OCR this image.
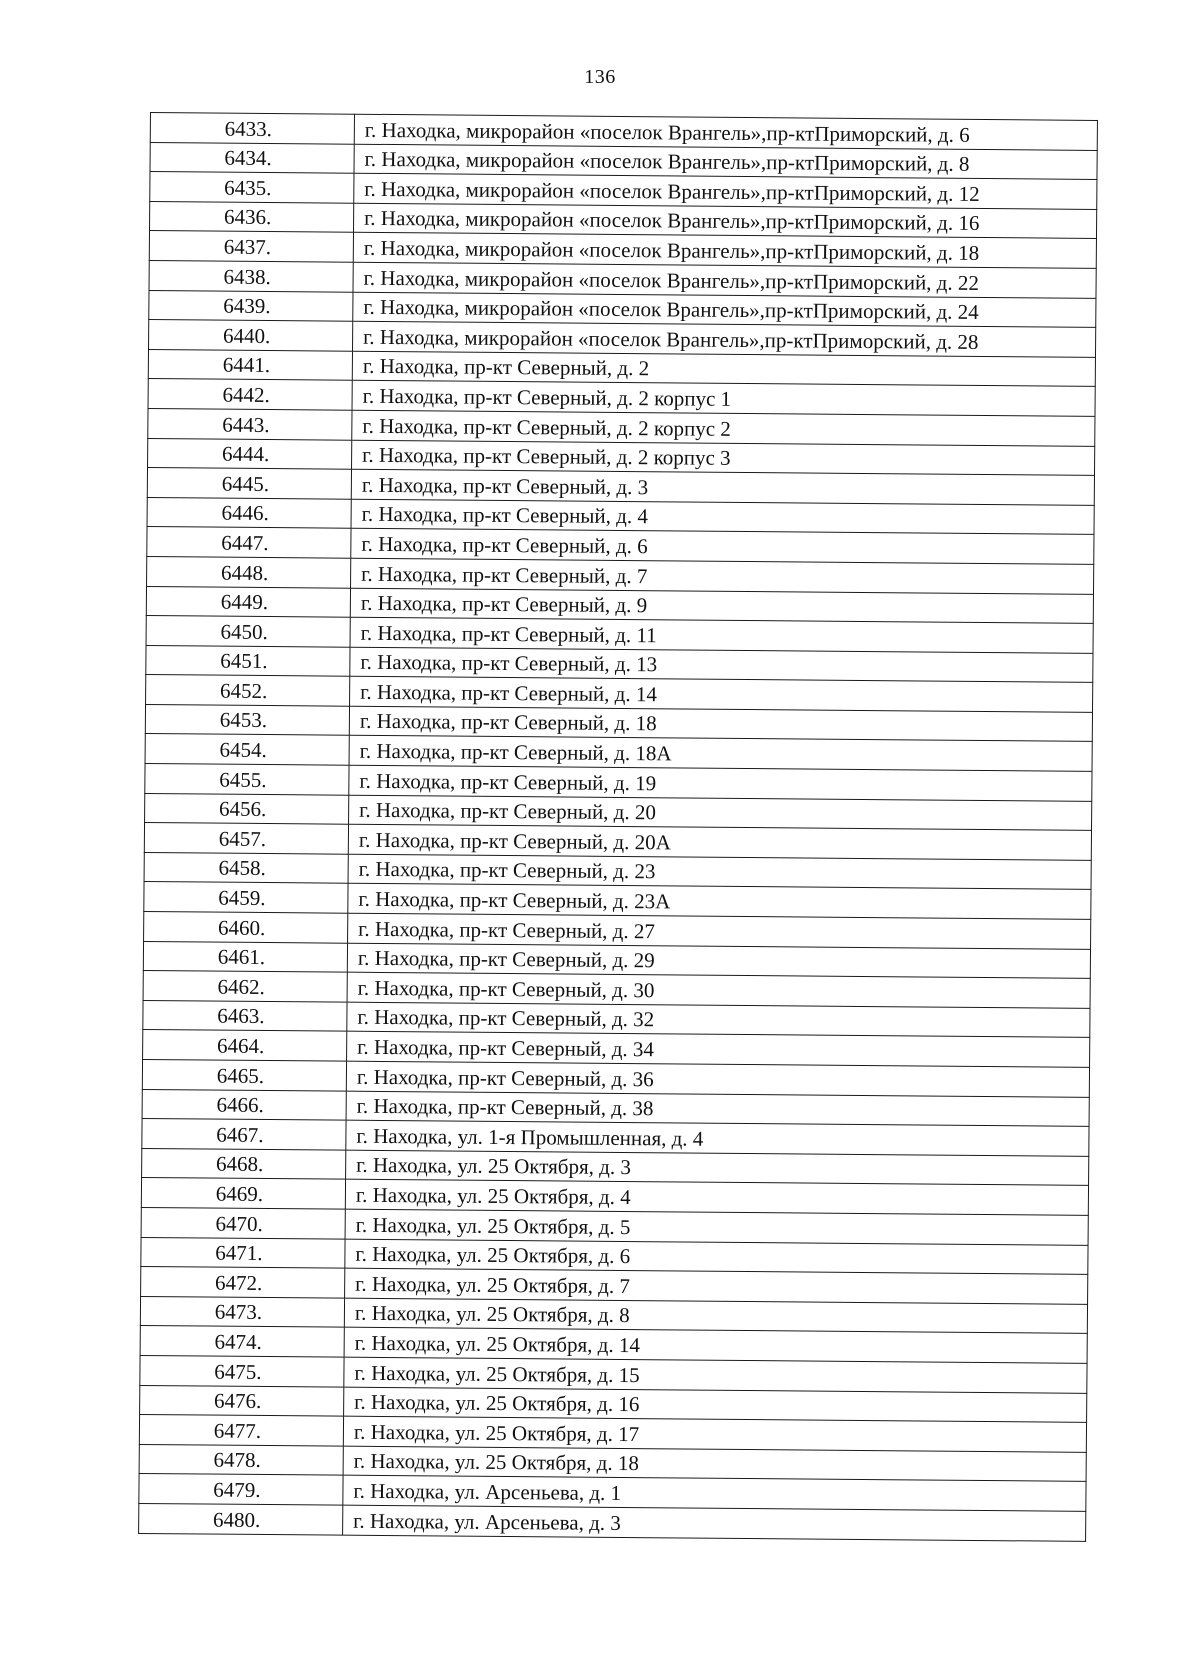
136
6433.	г. Находка, микрорайон «поселок Врангель»,пр-ктПриморский, д. 6
6434.	г. Находка, микрорайон «поселок Врангель»,пр-ктПриморский, д. 8
6435.	г. Находка, микрорайон «поселок Врангель»,пр-ктПриморский, д. 12
6436.	г. Находка, микрорайон «поселок Врангель»,пр-ктПриморский, д. 16
6437.	г. Находка, микрорайон «поселок Врангель»,пр-ктПриморский, д. 18
6438.	г. Находка, микрорайон «поселок Врангель»,пр-ктПриморский, д. 22
6439.	г. Находка, микрорайон «поселок Врангель»,пр-ктПриморский, д. 24
6440.	г. Находка, микрорайон «поселок Врангель»,пр-ктПриморский, д. 28
6441.	г. Находка, пр-кт Северный, д. 2
6442.	г. Находка, пр-кт Северный, д. 2 корпус 1
6443.	г. Находка, пр-кт Северный, д. 2 корпус 2
6444.	г. Находка, пр-кт Северный, д. 2 корпус 3
6445.	г. Находка, пр-кт Северный, д. 3
6446.	г. Находка, пр-кт Северный, д. 4
6447.	г. Находка, пр-кт Северный, д. 6
6448.	г. Находка, пр-кт Северный, д. 7
6449.	г. Находка, пр-кт Северный, д. 9
6450.	г. Находка, пр-кт Северный, д. 11
6451.	г. Находка, пр-кт Северный, д. 13
6452.	г. Находка, пр-кт Северный, д. 14
6453.	г. Находка, пр-кт Северный, д. 18
6454.	г. Находка, пр-кт Северный, д. 18А
6455.	г. Находка, пр-кт Северный, д. 19
6456.	г. Находка, пр-кт Северный, д. 20
6457.	г. Находка, пр-кт Северный, д. 20А
6458.	г. Находка, пр-кт Северный, д. 23
6459.	г. Находка, пр-кт Северный, д. 23А
6460.	г. Находка, пр-кт Северный, д. 27
6461.	г. Находка, пр-кт Северный, д. 29
6462.	г. Находка, пр-кт Северный, д. 30
6463.	г. Находка, пр-кт Северный, д. 32
6464.	г. Находка, пр-кт Северный, д. 34
6465.	г. Находка, пр-кт Северный, д. 36
6466.	г. Находка, пр-кт Северный, д. 38
6467.	г. Находка, ул. 1-я Промышленная, д. 4
6468.	г. Находка, ул. 25 Октября, д. 3
6469.	г. Находка, ул. 25 Октября, д. 4
6470.	г. Находка, ул. 25 Октября, д. 5
6471.	г. Находка, ул. 25 Октября, д. 6
6472.	г. Находка, ул. 25 Октября, д. 7
6473.	г. Находка, ул. 25 Октября, д. 8
6474.	г. Находка, ул. 25 Октября, д. 14
6475.	г. Находка, ул. 25 Октября, д. 15
6476.	г. Находка, ул. 25 Октября, д. 16
6477.	г. Находка, ул. 25 Октября, д. 17
6478.	г. Находка, ул. 25 Октября, д. 18
6479.	г. Находка, ул. Арсеньева, д. 1
6480.	г. Находка, ул. Арсеньева, д. 3
